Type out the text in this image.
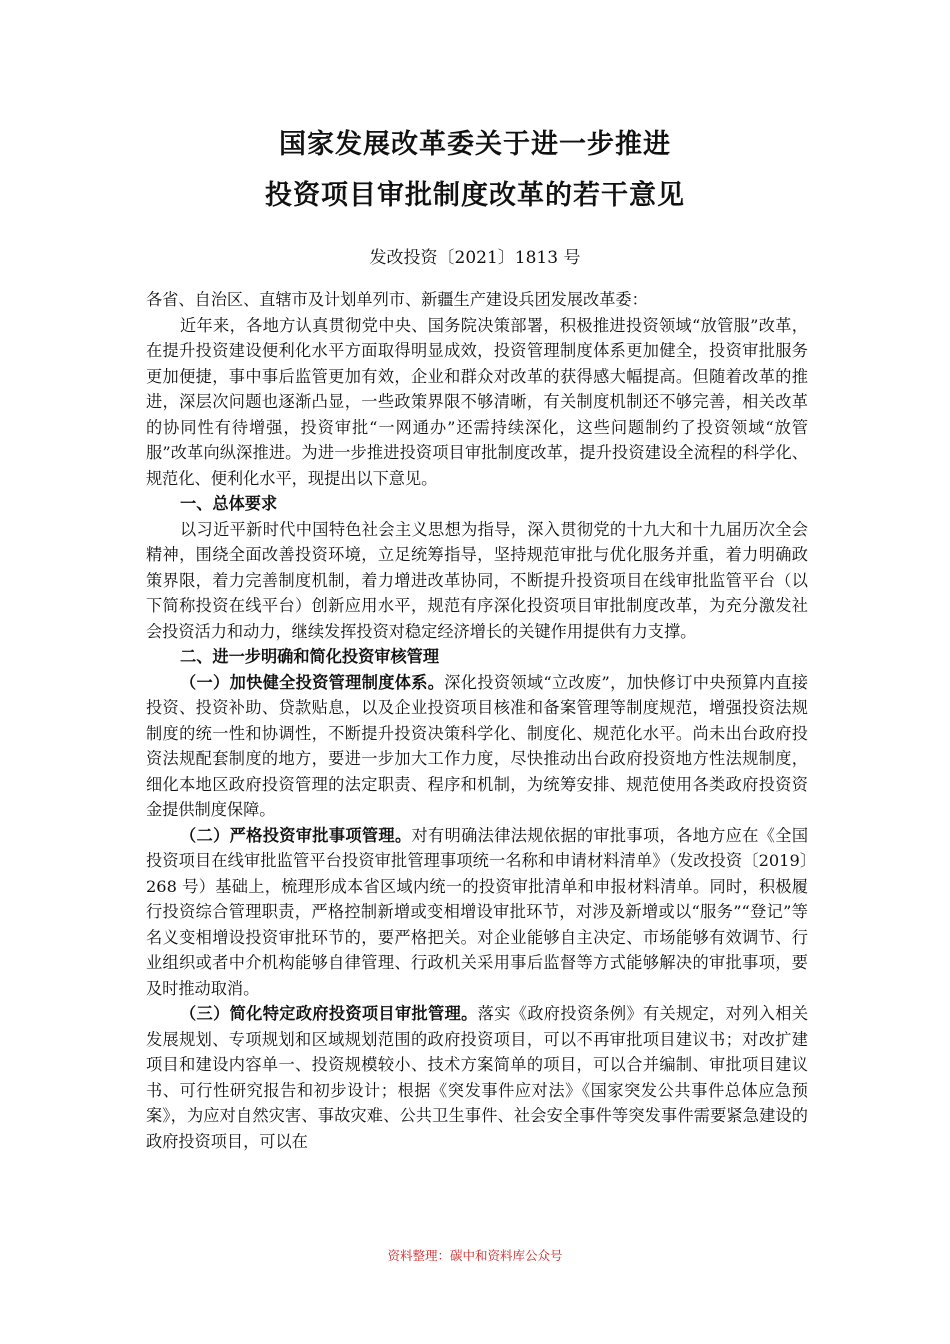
国家发展改革委关于进一步推进
投资项目审批制度改革的若干意见
发改投资〔2021〕1813 号

各省、自治区、直辖市及计划单列市、新疆生产建设兵团发展改革委：

近年来，各地方认真贯彻党中央、国务院决策部署，积极推进投资领域“放管服”改革，在提升投资建设便利化水平方面取得明显成效，投资管理制度体系更加健全，投资审批服务更加便捷，事中事后监管更加有效，企业和群众对改革的获得感大幅提高。但随着改革的推进，深层次问题也逐渐凸显，一些政策界限不够清晰，有关制度机制还不够完善，相关改革的协同性有待增强，投资审批“一网通办”还需持续深化，这些问题制约了投资领域“放管服”改革向纵深推进。为进一步推进投资项目审批制度改革，提升投资建设全流程的科学化、规范化、便利化水平，现提出以下意见。

一、总体要求

以习近平新时代中国特色社会主义思想为指导，深入贯彻党的十九大和十九届历次全会精神，围绕全面改善投资环境，立足统筹指导，坚持规范审批与优化服务并重，着力明确政策界限，着力完善制度机制，着力增进改革协同，不断提升投资项目在线审批监管平台（以下简称投资在线平台）创新应用水平，规范有序深化投资项目审批制度改革，为充分激发社会投资活力和动力，继续发挥投资对稳定经济增长的关键作用提供有力支撑。

二、进一步明确和简化投资审核管理

（一）加快健全投资管理制度体系。深化投资领域“立改废”，加快修订中央预算内直接投资、投资补助、贷款贴息，以及企业投资项目核准和备案管理等制度规范，增强投资法规制度的统一性和协调性，不断提升投资决策科学化、制度化、规范化水平。尚未出台政府投资法规配套制度的地方，要进一步加大工作力度，尽快推动出台政府投资地方性法规制度，细化本地区政府投资管理的法定职责、程序和机制，为统筹安排、规范使用各类政府投资资金提供制度保障。

（二）严格投资审批事项管理。对有明确法律法规依据的审批事项，各地方应在《全国投资项目在线审批监管平台投资审批管理事项统一名称和申请材料清单》（发改投资〔2019〕268 号）基础上，梳理形成本省区域内统一的投资审批清单和申报材料清单。同时，积极履行投资综合管理职责，严格控制新增或变相增设审批环节，对涉及新增或以“服务”“登记”等名义变相增设投资审批环节的，要严格把关。对企业能够自主决定、市场能够有效调节、行业组织或者中介机构能够自律管理、行政机关采用事后监督等方式能够解决的审批事项，要及时推动取消。

（三）简化特定政府投资项目审批管理。落实《政府投资条例》有关规定，对列入相关发展规划、专项规划和区域规划范围的政府投资项目，可以不再审批项目建议书；对改扩建项目和建设内容单一、投资规模较小、技术方案简单的项目，可以合并编制、审批项目建议书、可行性研究报告和初步设计；根据《突发事件应对法》《国家突发公共事件总体应急预案》，为应对自然灾害、事故灾难、公共卫生事件、社会安全事件等突发事件需要紧急建设的政府投资项目，可以在

资料整理：碳中和资料库公众号
